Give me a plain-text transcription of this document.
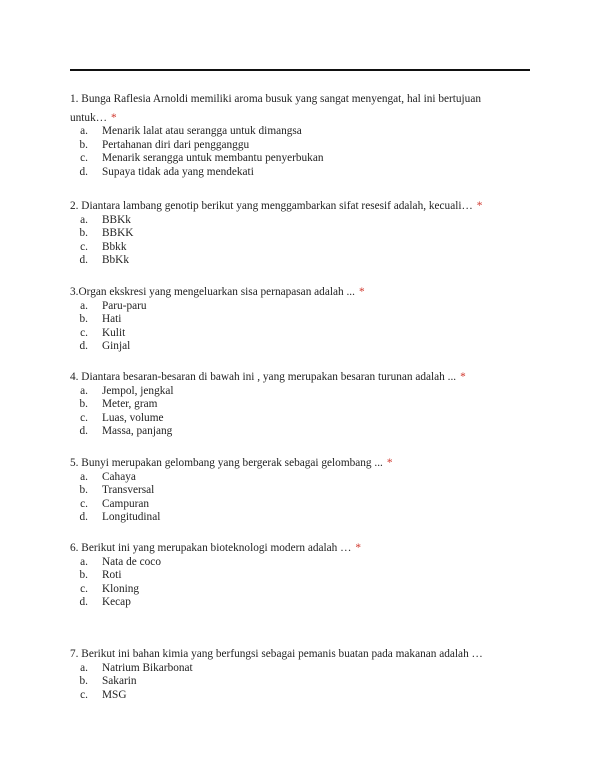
1. Bunga Raflesia Arnoldi memiliki aroma busuk yang sangat menyengat, hal ini bertujuan

untuk… *

a. Menarik lalat atau serangga untuk dimangsa
b. Pertahanan diri dari pengganggu
c. Menarik serangga untuk membantu penyerbukan
d. Supaya tidak ada yang mendekati

2. Diantara lambang genotip berikut yang menggambarkan sifat resesif adalah, kecuali… *

a. BBKk
b. BBKK
c. Bbkk
d. BbKk

3.Organ ekskresi yang mengeluarkan sisa pernapasan adalah ... *

a. Paru-paru
b. Hati
c. Kulit
d. Ginjal

4. Diantara besaran-besaran di bawah ini , yang merupakan besaran turunan adalah ... *

a. Jempol, jengkal
b. Meter, gram
c. Luas, volume
d. Massa, panjang

5. Bunyi merupakan gelombang yang bergerak sebagai gelombang ... *

a. Cahaya
b. Transversal
c. Campuran
d. Longitudinal

6. Berikut ini yang merupakan bioteknologi modern adalah … *

a. Nata de coco
b. Roti
c. Kloning
d. Kecap

7. Berikut ini bahan kimia yang berfungsi sebagai pemanis buatan pada makanan adalah …

a. Natrium Bikarbonat
b. Sakarin
c. MSG
